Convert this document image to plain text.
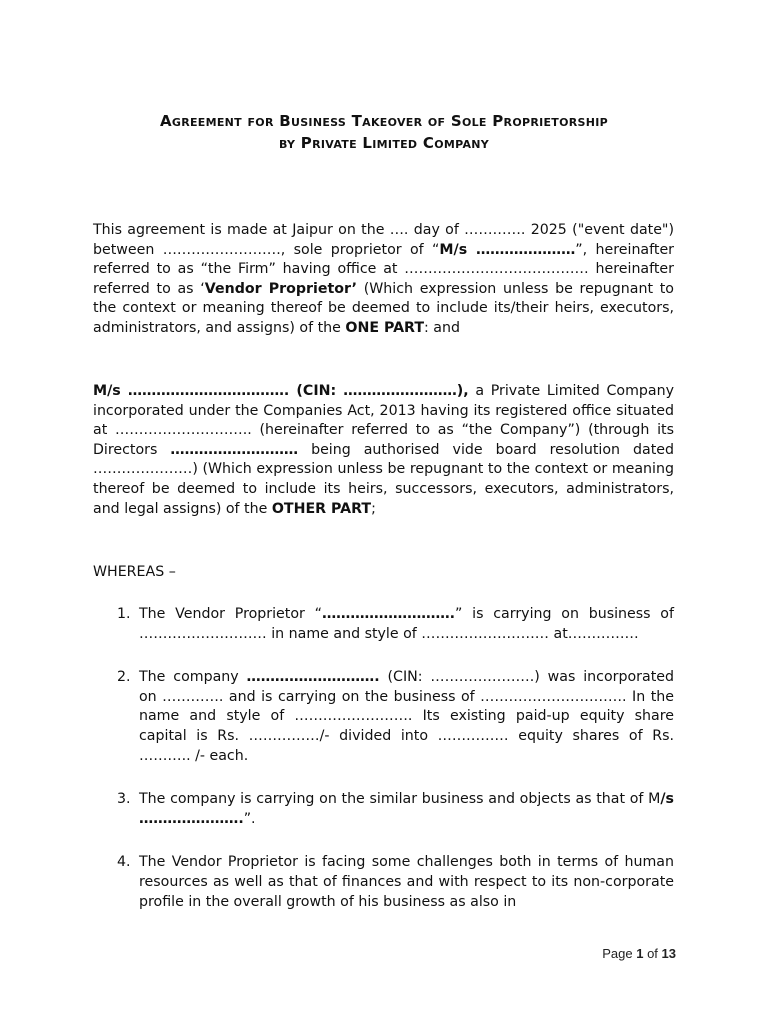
Agreement for Business Takeover of Sole Proprietorship
by Private Limited Company
This agreement is made at Jaipur on the …. day of …………. 2025 ("event date") between ……………………., sole proprietor of “M/s …………………”, hereinafter referred to as “the Firm” having office at ………………………………… hereinafter referred to as ‘Vendor Proprietor’ (Which expression unless be repugnant to the context or meaning thereof be deemed to include its/their heirs, executors, administrators, and assigns) of the ONE PART: and
M/s ……………………………. (CIN: ……………………), a Private Limited Company incorporated under the Companies Act, 2013 having its registered office situated at ……………………….. (hereinafter referred to as “the Company”) (through its Directors ……………………… being authorised vide board resolution dated …………………) (Which expression unless be repugnant to the context or meaning thereof be deemed to include its heirs, successors, executors, administrators, and legal assigns) of the OTHER PART;
WHEREAS –
1. The Vendor Proprietor “……………………….” is carrying on business of ……………………… in name and style of ……………………… at……………
2. The company ………………………. (CIN: ………………….) was incorporated on …………. and is carrying on the business of …………………………. In the name and style of ……………………. Its existing paid-up equity share capital is Rs. ……………/- divided into …………… equity shares of Rs. ……….. /- each.
3. The company is carrying on the similar business and objects as that of M/s ………………….”.
4. The Vendor Proprietor is facing some challenges both in terms of human resources as well as that of finances and with respect to its non-corporate profile in the overall growth of his business as also in
Page 1 of 13
